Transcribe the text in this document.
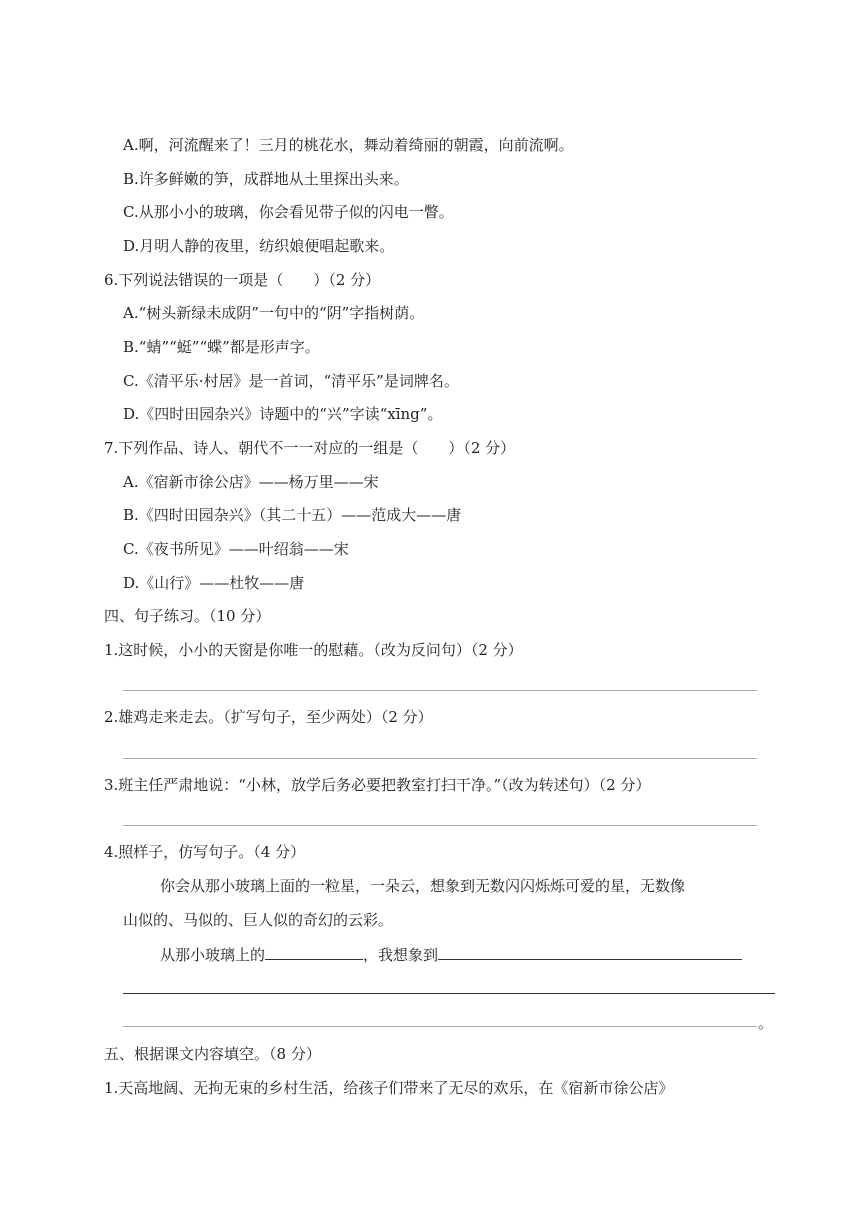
A.啊，河流醒来了！三月的桃花水，舞动着绮丽的朝霞，向前流啊。
B.许多鲜嫩的笋，成群地从土里探出头来。
C.从那小小的玻璃，你会看见带子似的闪电一瞥。
D.月明人静的夜里，纺织娘便唱起歌来。
6.下列说法错误的一项是（　　）（2 分）
A.“树头新绿未成阴”一句中的“阴”字指树荫。
B.“蜻”“蜓”“蝶”都是形声字。
C.《清平乐·村居》是一首词，“清平乐”是词牌名。
D.《四时田园杂兴》诗题中的“兴”字读“xīng”。
7.下列作品、诗人、朝代不一一对应的一组是（　　）（2 分）
A.《宿新市徐公店》——杨万里——宋
B.《四时田园杂兴》（其二十五）——范成大——唐
C.《夜书所见》——叶绍翁——宋
D.《山行》——杜牧——唐
四、句子练习。（10 分）
1.这时候，小小的天窗是你唯一的慰藉。（改为反问句）（2 分）
2.雄鸡走来走去。（扩写句子，至少两处）（2 分）
3.班主任严肃地说：“小林，放学后务必要把教室打扫干净。”（改为转述句）（2 分）
4.照样子，仿写句子。（4 分）
你会从那小玻璃上面的一粒星，一朵云，想象到无数闪闪烁烁可爱的星，无数像
山似的、马似的、巨人似的奇幻的云彩。
从那小玻璃上的	，我想象到
。
五、根据课文内容填空。（8 分）
1.天高地阔、无拘无束的乡村生活，给孩子们带来了无尽的欢乐，在《宿新市徐公店》
